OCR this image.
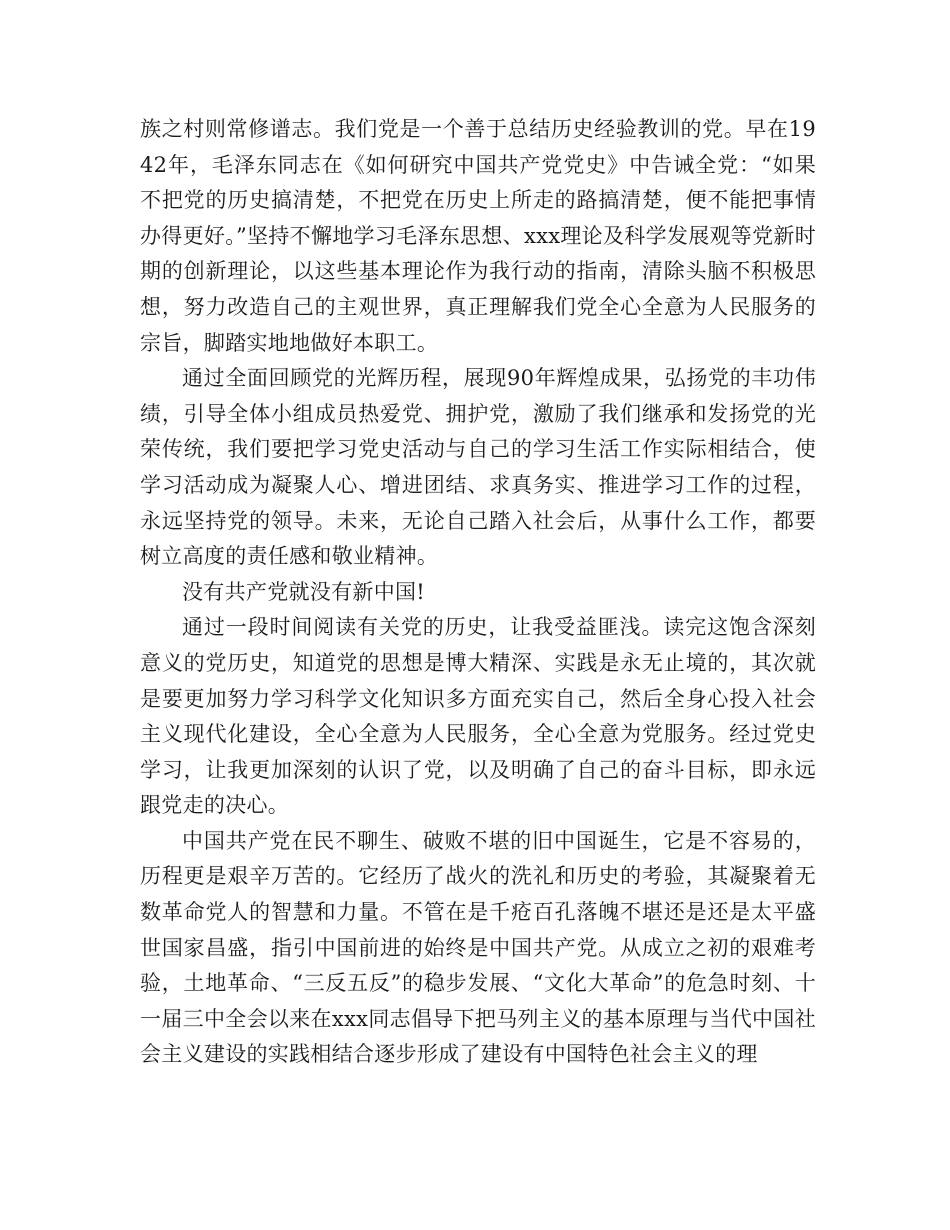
族之村则常修谱志。我们党是一个善于总结历史经验教训的党。早在1942年，毛泽东同志在《如何研究中国共产党党史》中告诫全党：“如果不把党的历史搞清楚，不把党在历史上所走的路搞清楚，便不能把事情办得更好。”坚持不懈地学习毛泽东思想、xxx理论及科学发展观等党新时期的创新理论，以这些基本理论作为我行动的指南，清除头脑不积极思想，努力改造自己的主观世界，真正理解我们党全心全意为人民服务的宗旨，脚踏实地地做好本职工。

通过全面回顾党的光辉历程，展现90年辉煌成果，弘扬党的丰功伟绩，引导全体小组成员热爱党、拥护党，激励了我们继承和发扬党的光荣传统，我们要把学习党史活动与自己的学习生活工作实际相结合，使学习活动成为凝聚人心、增进团结、求真务实、推进学习工作的过程，永远坚持党的领导。未来，无论自己踏入社会后，从事什么工作，都要树立高度的责任感和敬业精神。

没有共产党就没有新中国!

通过一段时间阅读有关党的历史，让我受益匪浅。读完这饱含深刻意义的党历史，知道党的思想是博大精深、实践是永无止境的，其次就是要更加努力学习科学文化知识多方面充实自己，然后全身心投入社会主义现代化建设，全心全意为人民服务，全心全意为党服务。经过党史学习，让我更加深刻的认识了党，以及明确了自己的奋斗目标，即永远跟党走的决心。

中国共产党在民不聊生、破败不堪的旧中国诞生，它是不容易的，历程更是艰辛万苦的。它经历了战火的洗礼和历史的考验，其凝聚着无数革命党人的智慧和力量。不管在是千疮百孔落魄不堪还是还是太平盛世国家昌盛，指引中国前进的始终是中国共产党。从成立之初的艰难考验，土地革命、“三反五反”的稳步发展、“文化大革命”的危急时刻、十一届三中全会以来在xxx同志倡导下把马列主义的基本原理与当代中国社会主义建设的实践相结合逐步形成了建设有中国特色社会主义的理
